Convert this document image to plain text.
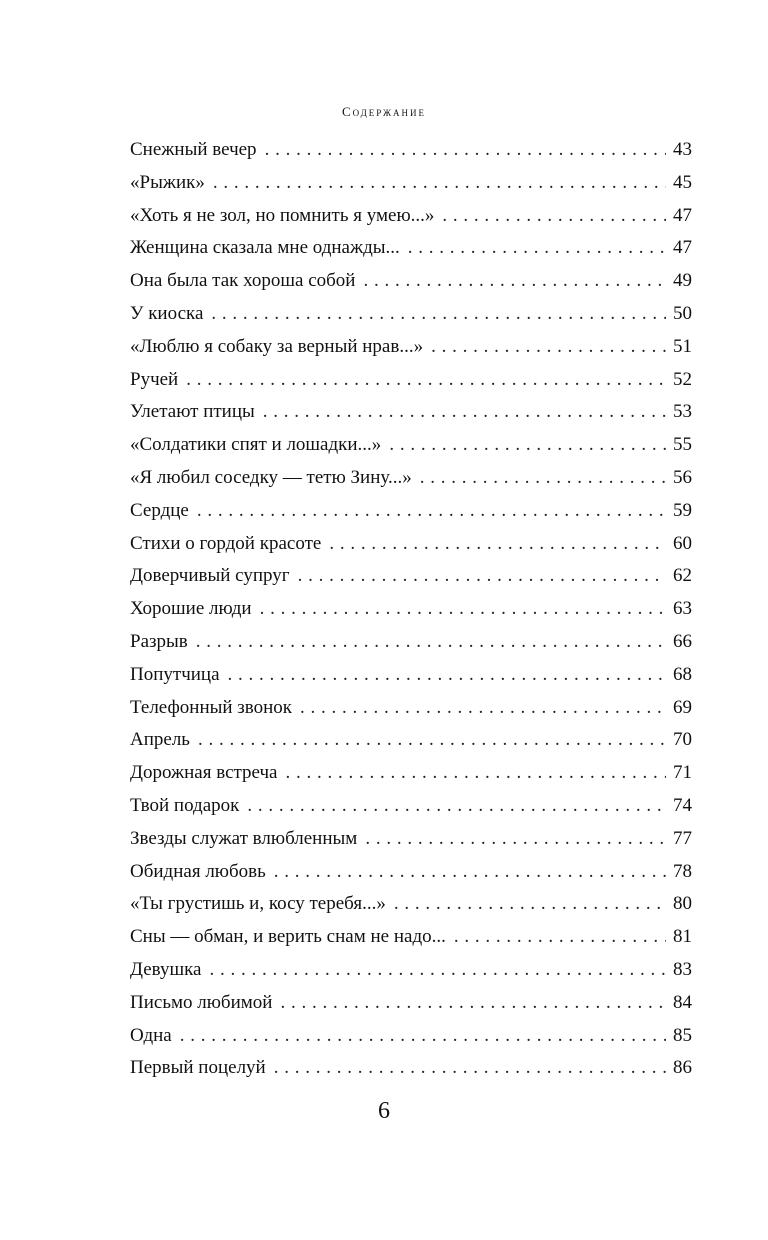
Содержание
Снежный вечер . . .	43
«Рыжик» . . .	45
«Хоть я не зол, но помнить я умею...» . . .	47
Женщина сказала мне однажды... . . .	47
Она была так хороша собой . . .	49
У киоска . . .	50
«Люблю я собаку за верный нрав...» . . .	51
Ручей . . .	52
Улетают птицы . . .	53
«Солдатики спят и лошадки...» . . .	55
«Я любил соседку — тетю Зину...» . . .	56
Сердце . . .	59
Стихи о гордой красоте . . .	60
Доверчивый супруг . . .	62
Хорошие люди . . .	63
Разрыв . . .	66
Попутчица . . .	68
Телефонный звонок . . .	69
Апрель . . .	70
Дорожная встреча . . .	71
Твой подарок . . .	74
Звезды служат влюбленным . . .	77
Обидная любовь . . .	78
«Ты грустишь и, косу теребя...» . . .	80
Сны — обман, и верить снам не надо... . . .	81
Девушка . . .	83
Письмо любимой . . .	84
Одна . . .	85
Первый поцелуй . . .	86
6
